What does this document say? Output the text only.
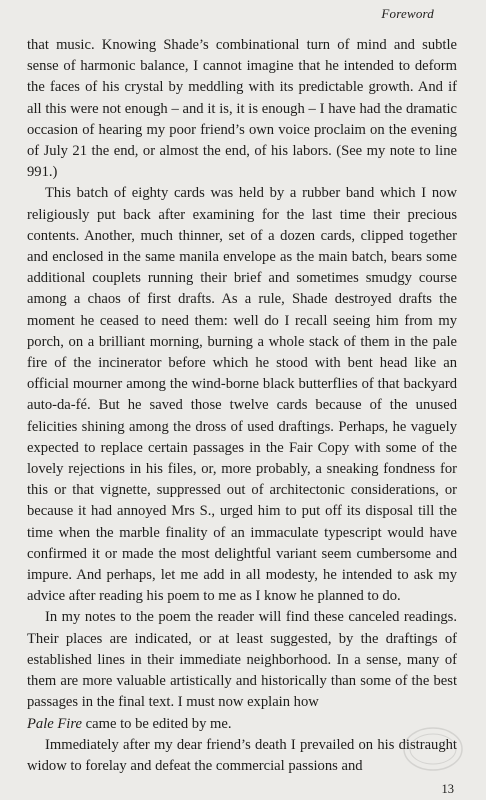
Foreword

that music. Knowing Shade’s combinational turn of mind and subtle sense of harmonic balance, I cannot imagine that he intended to deform the faces of his crystal by meddling with its predictable growth. And if all this were not enough – and it is, it is enough – I have had the dramatic occasion of hearing my poor friend’s own voice proclaim on the evening of July 21 the end, or almost the end, of his labors. (See my note to line 991.)

This batch of eighty cards was held by a rubber band which I now religiously put back after examining for the last time their precious contents. Another, much thinner, set of a dozen cards, clipped together and enclosed in the same manila envelope as the main batch, bears some additional couplets running their brief and sometimes smudgy course among a chaos of first drafts. As a rule, Shade destroyed drafts the moment he ceased to need them: well do I recall seeing him from my porch, on a brilliant morning, burning a whole stack of them in the pale fire of the incinerator before which he stood with bent head like an official mourner among the wind-borne black butterflies of that backyard auto-da-fé. But he saved those twelve cards because of the unused felicities shining among the dross of used draftings. Perhaps, he vaguely expected to replace certain passages in the Fair Copy with some of the lovely rejections in his files, or, more probably, a sneaking fondness for this or that vignette, suppressed out of architectonic considerations, or because it had annoyed Mrs S., urged him to put off its disposal till the time when the marble finality of an immaculate typescript would have confirmed it or made the most delightful variant seem cumbersome and impure. And perhaps, let me add in all modesty, he intended to ask my advice after reading his poem to me as I know he planned to do.

In my notes to the poem the reader will find these canceled readings. Their places are indicated, or at least suggested, by the draftings of established lines in their immediate neighborhood. In a sense, many of them are more valuable artistically and historically than some of the best passages in the final text. I must now explain how
Pale Fire came to be edited by me.

Immediately after my dear friend’s death I prevailed on his distraught widow to forelay and defeat the commercial passions and

13
